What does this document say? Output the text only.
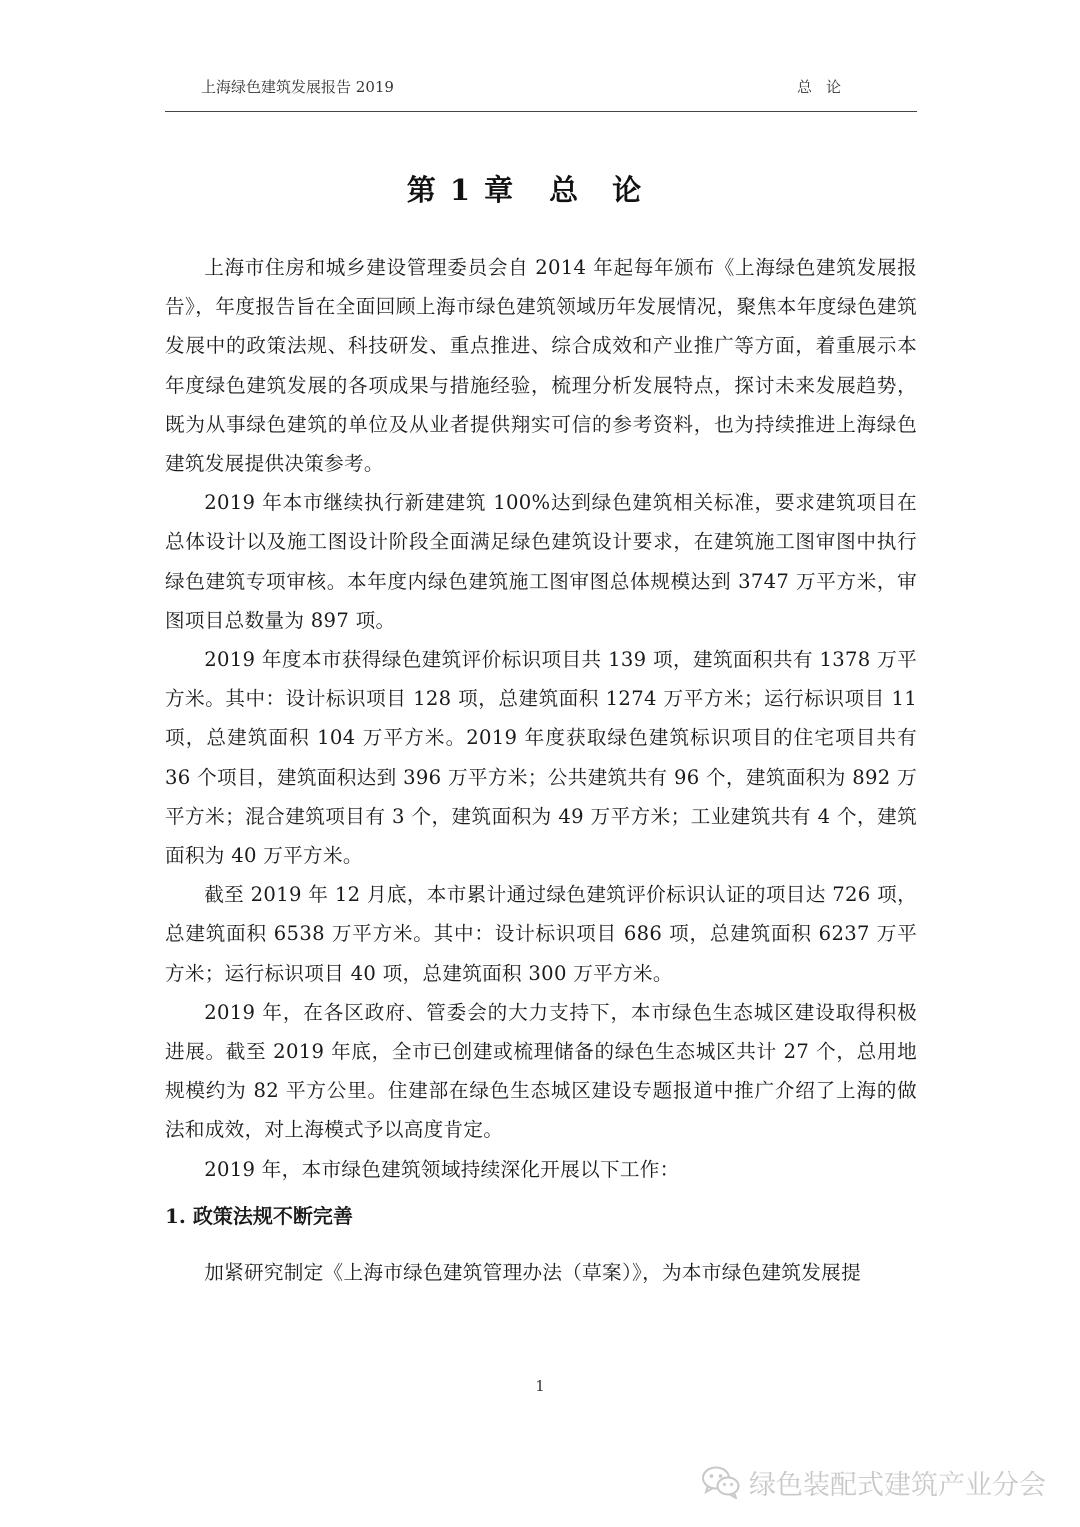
上海绿色建筑发展报告 2019	总论
第 1 章 总论

上海市住房和城乡建设管理委员会自 2014 年起每年颁布《上海绿色建筑发展报告》，年度报告旨在全面回顾上海市绿色建筑领域历年发展情况，聚焦本年度绿色建筑发展中的政策法规、科技研发、重点推进、综合成效和产业推广等方面，着重展示本年度绿色建筑发展的各项成果与措施经验，梳理分析发展特点，探讨未来发展趋势，既为从事绿色建筑的单位及从业者提供翔实可信的参考资料，也为持续推进上海绿色建筑发展提供决策参考。

2019 年本市继续执行新建建筑 100%达到绿色建筑相关标准，要求建筑项目在总体设计以及施工图设计阶段全面满足绿色建筑设计要求，在建筑施工图审图中执行绿色建筑专项审核。本年度内绿色建筑施工图审图总体规模达到 3747 万平方米，审图项目总数量为 897 项。

2019 年度本市获得绿色建筑评价标识项目共 139 项，建筑面积共有 1378 万平方米。其中：设计标识项目 128 项，总建筑面积 1274 万平方米；运行标识项目 11 项，总建筑面积 104 万平方米。2019 年度获取绿色建筑标识项目的住宅项目共有 36 个项目，建筑面积达到 396 万平方米；公共建筑共有 96 个，建筑面积为 892 万平方米；混合建筑项目有 3 个，建筑面积为 49 万平方米；工业建筑共有 4 个，建筑面积为 40 万平方米。

截至 2019 年 12 月底，本市累计通过绿色建筑评价标识认证的项目达 726 项，总建筑面积 6538 万平方米。其中：设计标识项目 686 项，总建筑面积 6237 万平方米；运行标识项目 40 项，总建筑面积 300 万平方米。

2019 年，在各区政府、管委会的大力支持下，本市绿色生态城区建设取得积极进展。截至 2019 年底，全市已创建或梳理储备的绿色生态城区共计 27 个，总用地规模约为 82 平方公里。住建部在绿色生态城区建设专题报道中推广介绍了上海的做法和成效，对上海模式予以高度肯定。

2019 年，本市绿色建筑领域持续深化开展以下工作：

1. 政策法规不断完善

加紧研究制定《上海市绿色建筑管理办法（草案）》，为本市绿色建筑发展提

1
绿色装配式建筑产业分会
